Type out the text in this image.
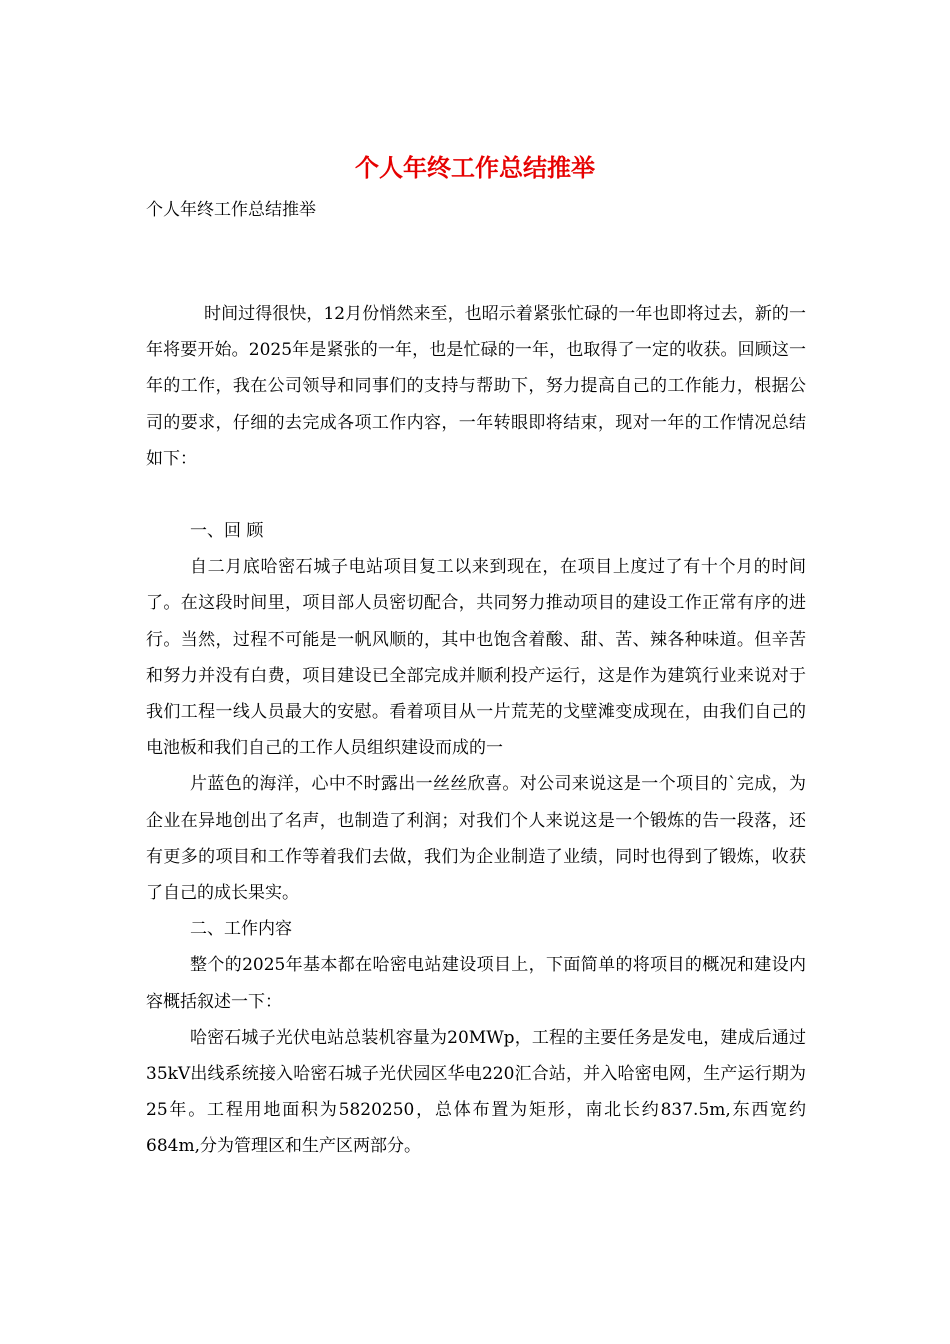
个人年终工作总结推举
个人年终工作总结推举

时间过得很快，12月份悄然来至，也昭示着紧张忙碌的一年也即将过去，新的一年将要开始。2025年是紧张的一年，也是忙碌的一年，也取得了一定的收获。回顾这一年的工作，我在公司领导和同事们的支持与帮助下，努力提高自己的工作能力，根据公司的要求，仔细的去完成各项工作内容，一年转眼即将结束，现对一年的工作情况总结如下：

一、回 顾

自二月底哈密石城子电站项目复工以来到现在，在项目上度过了有十个月的时间了。在这段时间里，项目部人员密切配合，共同努力推动项目的建设工作正常有序的进行。当然，过程不可能是一帆风顺的，其中也饱含着酸、甜、苦、辣各种味道。但辛苦和努力并没有白费，项目建设已全部完成并顺利投产运行，这是作为建筑行业来说对于我们工程一线人员最大的安慰。看着项目从一片荒芜的戈壁滩变成现在，由我们自己的电池板和我们自己的工作人员组织建设而成的一

片蓝色的海洋，心中不时露出一丝丝欣喜。对公司来说这是一个项目的`完成，为企业在异地创出了名声，也制造了利润；对我们个人来说这是一个锻炼的告一段落，还有更多的项目和工作等着我们去做，我们为企业制造了业绩，同时也得到了锻炼，收获了自己的成长果实。

二、工作内容

整个的2025年基本都在哈密电站建设项目上，下面简单的将项目的概况和建设内容概括叙述一下：

哈密石城子光伏电站总装机容量为20MWp，工程的主要任务是发电，建成后通过35kV出线系统接入哈密石城子光伏园区华电220汇合站，并入哈密电网，生产运行期为25年。工程用地面积为5820250，总体布置为矩形，南北长约837.5m,东西宽约684m,分为管理区和生产区两部分。
